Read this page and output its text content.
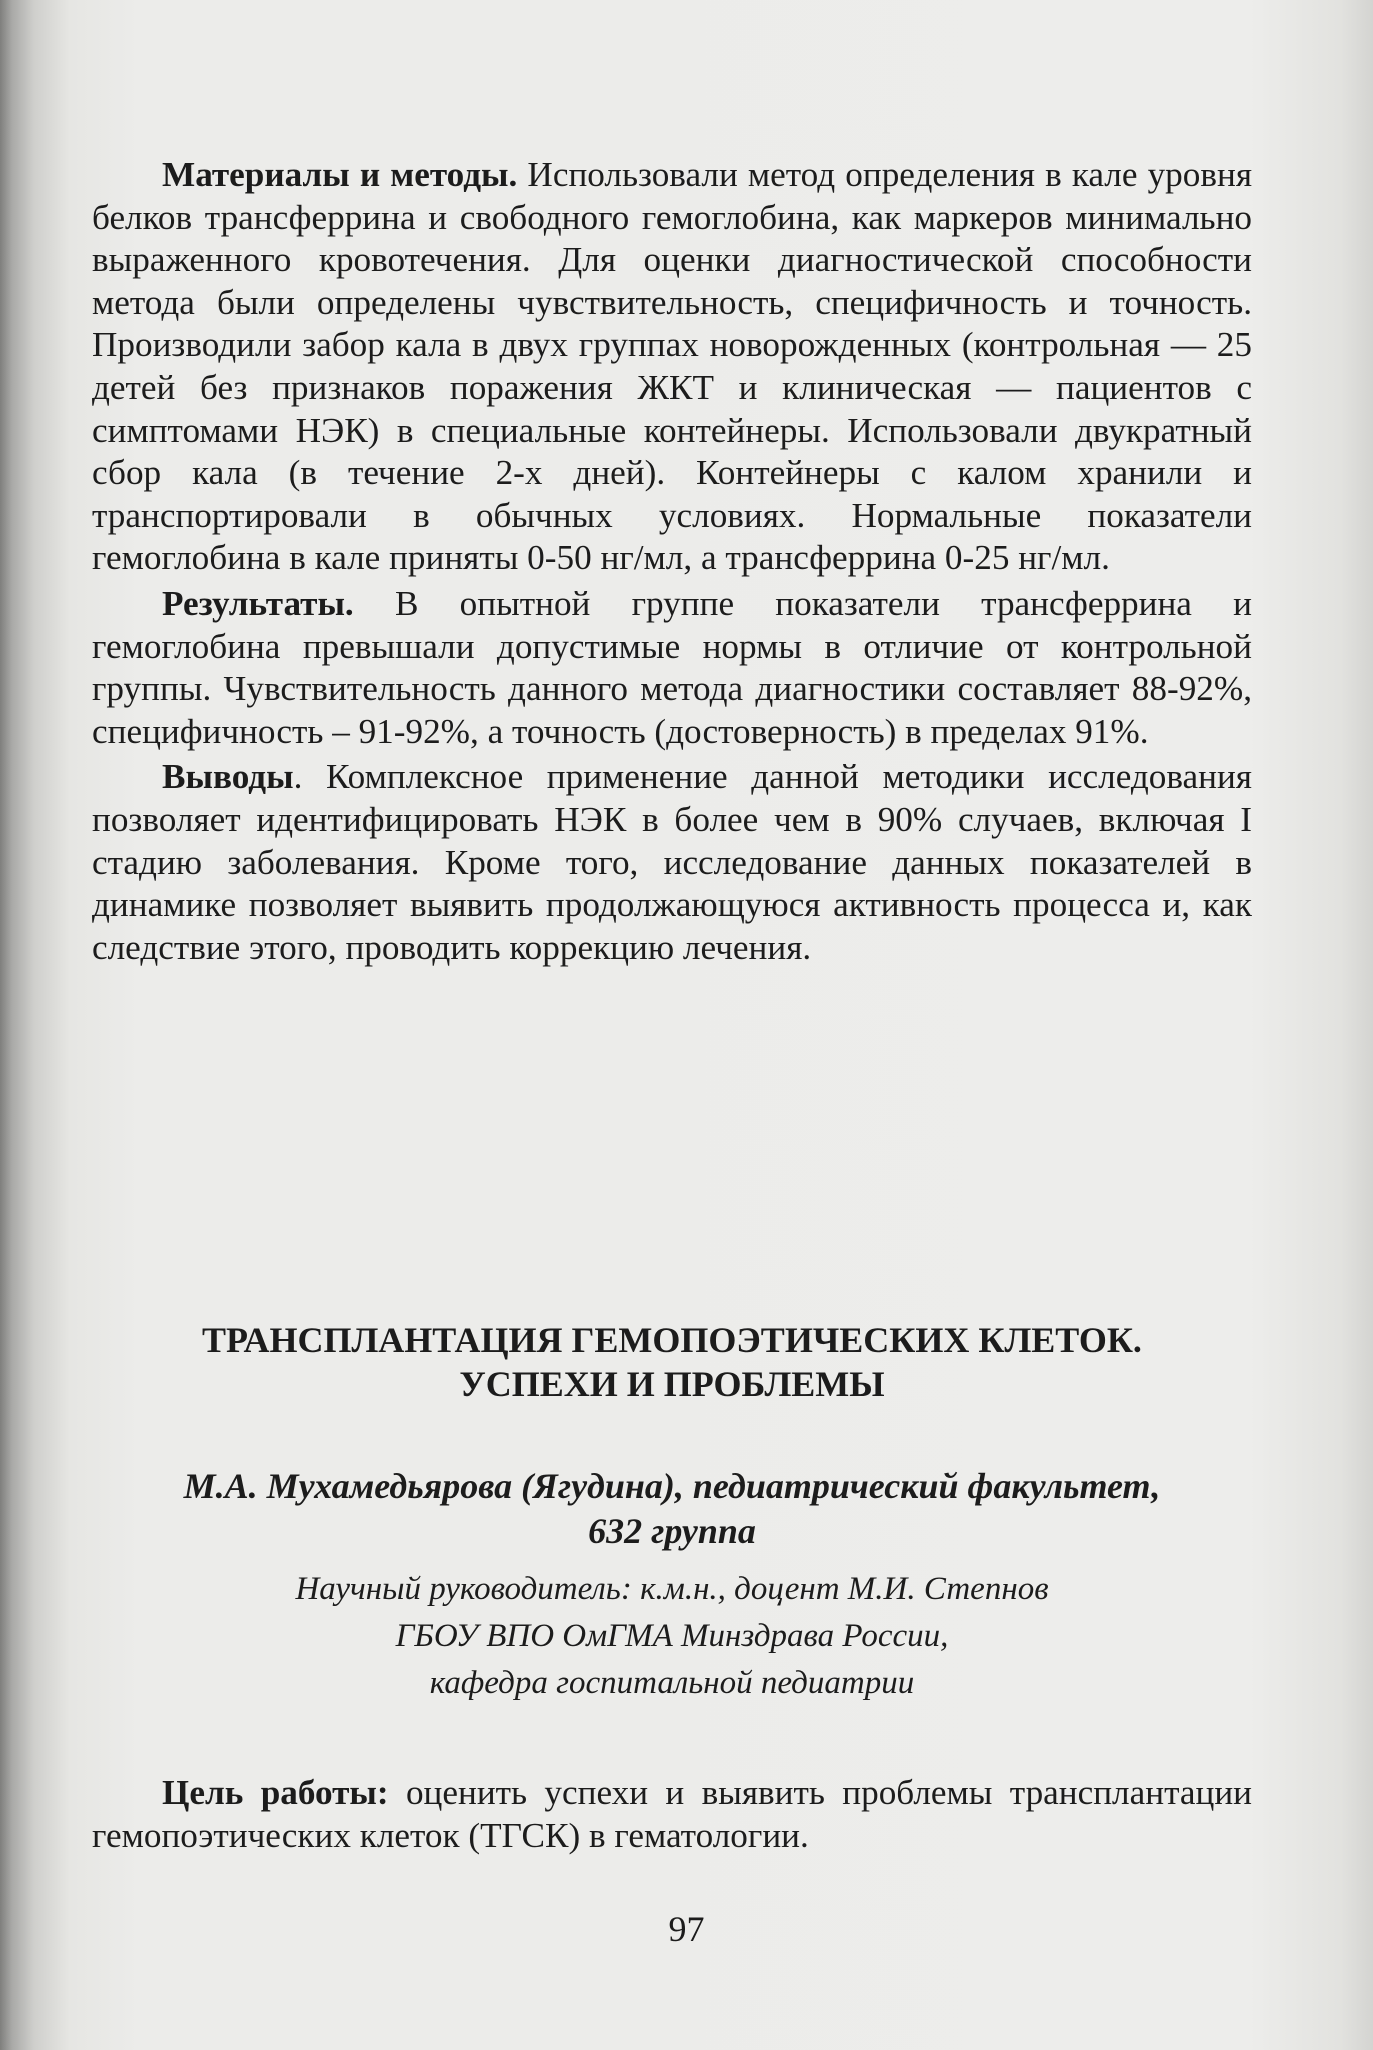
Материалы и методы. Использовали метод определения в кале уровня белков трансферрина и свободного гемоглобина, как маркеров минимально выраженного кровотечения. Для оценки диагностической способности метода были определены чувствительность, специфичность и точность. Производили забор кала в двух группах новорожденных (контрольная — 25 детей без признаков поражения ЖКТ и клиническая — пациентов с симптомами НЭК) в специальные контейнеры. Использовали двукратный сбор кала (в течение 2-х дней). Контейнеры с калом хранили и транспортировали в обычных условиях. Нормальные показатели гемоглобина в кале приняты 0-50 нг/мл, а трансферрина 0-25 нг/мл.

Результаты. В опытной группе показатели трансферрина и гемоглобина превышали допустимые нормы в отличие от контрольной группы. Чувствительность данного метода диагностики составляет 88-92%, специфичность – 91-92%, а точность (достоверность) в пределах 91%.

Выводы. Комплексное применение данной методики исследования позволяет идентифицировать НЭК в более чем в 90% случаев, включая I стадию заболевания. Кроме того, исследование данных показателей в динамике позволяет выявить продолжающуюся активность процесса и, как следствие этого, проводить коррекцию лечения.

ТРАНСПЛАНТАЦИЯ ГЕМОПОЭТИЧЕСКИХ КЛЕТОК.
УСПЕХИ И ПРОБЛЕМЫ
М.А. Мухамедьярова (Ягудина), педиатрический факультет,
632 группа
Научный руководитель: к.м.н., доцент М.И. Степнов
ГБОУ ВПО ОмГМА Минздрава России,
кафедра госпитальной педиатрии

Цель работы: оценить успехи и выявить проблемы трансплантации гемопоэтических клеток (ТГСК) в гематологии.

97
